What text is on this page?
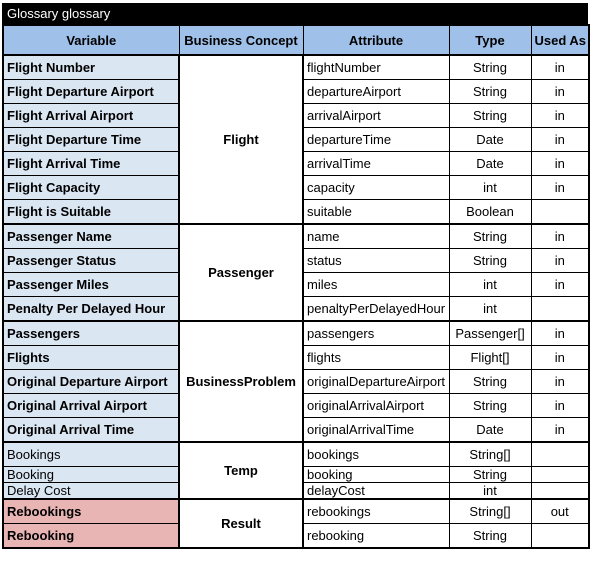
Glossary glossary
Variable	Business Concept	Attribute	Type	Used As
Flight Number	Flight	flightNumber	String	in
Flight Departure Airport		departureAirport	String	in
Flight Arrival Airport		arrivalAirport	String	in
Flight Departure Time		departureTime	Date	in
Flight Arrival Time		arrivalTime	Date	in
Flight Capacity		capacity	int	in
Flight is Suitable		suitable	Boolean	
Passenger Name	Passenger	name	String	in
Passenger Status		status	String	in
Passenger Miles		miles	int	in
Penalty Per Delayed Hour		penaltyPerDelayedHour	int	
Passengers	BusinessProblem	passengers	Passenger[]	in
Flights		flights	Flight[]	in
Original Departure Airport		originalDepartureAirport	String	in
Original Arrival Airport		originalArrivalAirport	String	in
Original Arrival Time		originalArrivalTime	Date	in
Bookings	Temp	bookings	String[]	
Booking		booking	String	
Delay Cost		delayCost	int	
Rebookings	Result	rebookings	String[]	out
Rebooking		rebooking	String	
